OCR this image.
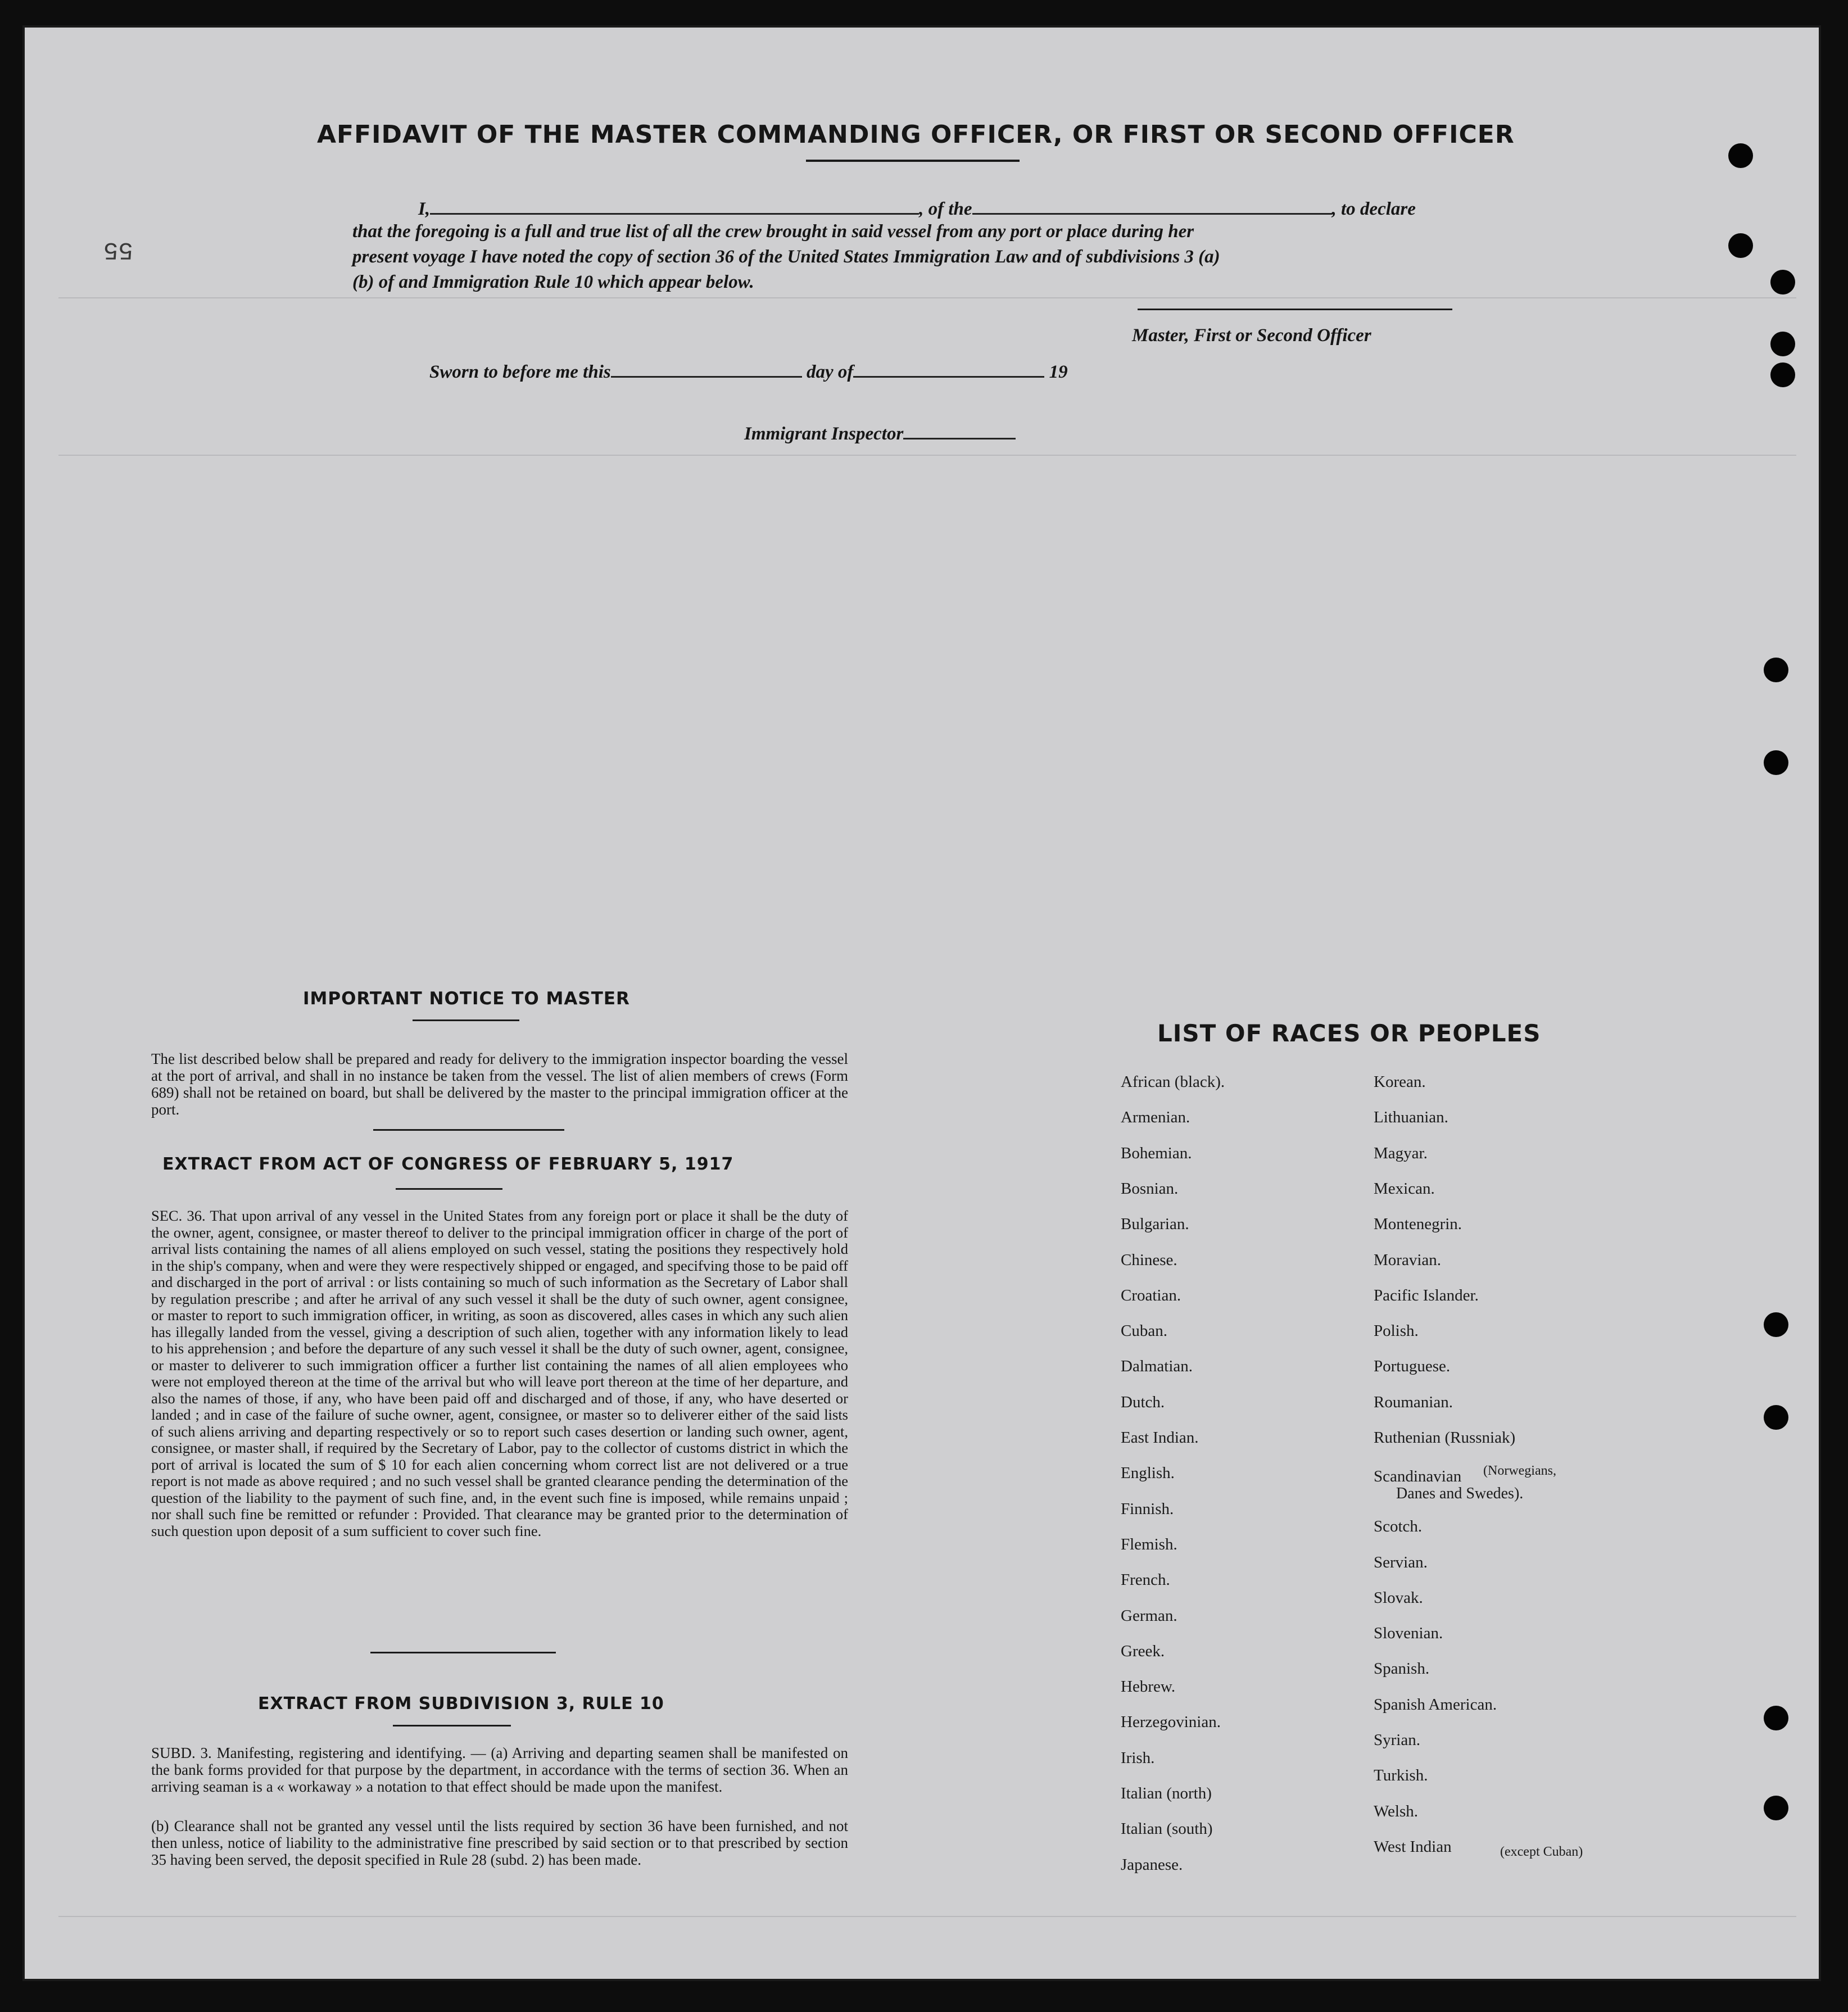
55
AFFIDAVIT OF THE MASTER COMMANDING OFFICER, OR FIRST OR SECOND OFFICER
I,	, of the	, to declare
that the foregoing is a full and true list of all the crew brought in said vessel from any port or place during her
present voyage I have noted the copy of section 36 of the United States Immigration Law and of subdivisions 3 (a)
(b) of and Immigration Rule 10 which appear below.
Master, First or Second Officer
Sworn to before me this	day of	19
Immigrant Inspector
IMPORTANT NOTICE TO MASTER
The list described below shall be prepared and ready for delivery to the immigration inspector boarding the vessel at the port of arrival, and shall in no instance be taken from the vessel. The list of alien members of crews (Form 689) shall not be retained on board, but shall be delivered by the master to the principal immigration officer at the port.
EXTRACT FROM ACT OF CONGRESS OF FEBRUARY 5, 1917
SEC. 36. That upon arrival of any vessel in the United States from any foreign port or place it shall be the duty of the owner, agent, consignee, or master thereof to deliver to the principal immigration officer in charge of the port of arrival lists containing the names of all aliens employed on such vessel, stating the positions they respectively hold in the ship's company, when and were they were respectively shipped or engaged, and specifving those to be paid off and discharged in the port of arrival : or lists containing so much of such information as the Secretary of Labor shall by regulation prescribe ; and after he arrival of any such vessel it shall be the duty of such owner, agent consignee, or master to report to such immigration officer, in writing, as soon as discovered, alles cases in which any such alien has illegally landed from the vessel, giving a description of such alien, together with any information likely to lead to his apprehension ; and before the departure of any such vessel it shall be the duty of such owner, agent, consignee, or master to deliverer to such immigration officer a further list containing the names of all alien employees who were not employed thereon at the time of the arrival but who will leave port thereon at the time of her departure, and also the names of those, if any, who have been paid off and discharged and of those, if any, who have deserted or landed ; and in case of the failure of suche owner, agent, consignee, or master so to deliverer either of the said lists of such aliens arriving and departing respectively or so to report such cases desertion or landing such owner, agent, consignee, or master shall, if required by the Secretary of Labor, pay to the collector of customs district in which the port of arrival is located the sum of $ 10 for each alien concerning whom correct list are not delivered or a true report is not made as above required ; and no such vessel shall be granted clearance pending the determination of the question of the liability to the payment of such fine, and, in the event such fine is imposed, while remains unpaid ; nor shall such fine be remitted or refunder : Provided. That clearance may be granted prior to the determination of such question upon deposit of a sum sufficient to cover such fine.
EXTRACT FROM SUBDIVISION 3, RULE 10
SUBD. 3. Manifesting, registering and identifying. — (a) Arriving and departing seamen shall be manifested on the bank forms provided for that purpose by the department, in accordance with the terms of section 36. When an arriving seaman is a « workaway » a notation to that effect should be made upon the manifest.
(b) Clearance shall not be granted any vessel until the lists required by section 36 have been furnished, and not then unless, notice of liability to the administrative fine prescribed by said section or to that prescribed by section 35 having been served, the deposit specified in Rule 28 (subd. 2) has been made.
LIST OF RACES OR PEOPLES
(Norwegians,
Danes and Swedes).
(except Cuban)
African (black).
Armenian.
Bohemian.
Bosnian.
Bulgarian.
Chinese.
Croatian.
Cuban.
Dalmatian.
Dutch.
East Indian.
English.
Finnish.
Flemish.
French.
German.
Greek.
Hebrew.
Herzegovinian.
Irish.
Italian (north)
Italian (south)
Japanese.
Korean.
Lithuanian.
Magyar.
Mexican.
Montenegrin.
Moravian.
Pacific Islander.
Polish.
Portuguese.
Roumanian.
Ruthenian (Russniak)
Scandinavian
Scotch.
Servian.
Slovak.
Slovenian.
Spanish.
Spanish American.
Syrian.
Turkish.
Welsh.
West Indian
